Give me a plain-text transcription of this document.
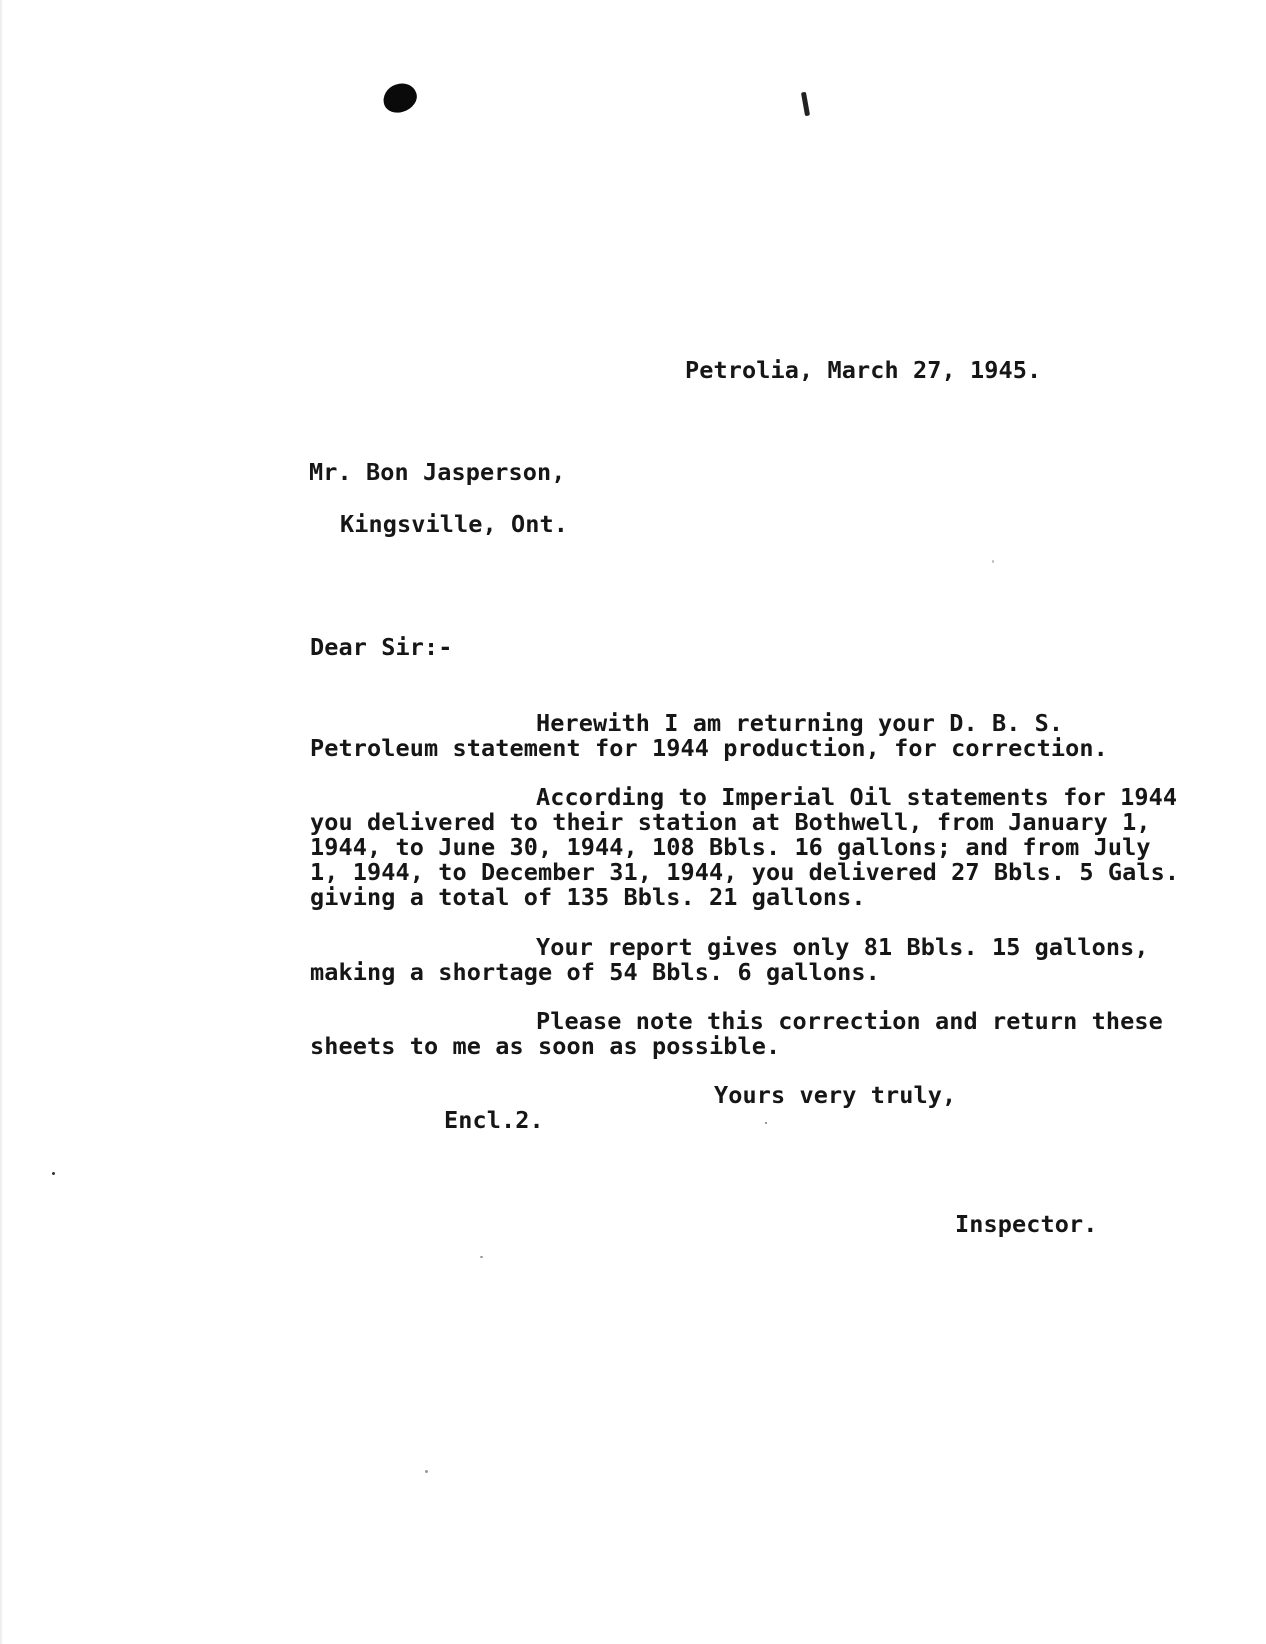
Petrolia, March 27, 1945.
Mr. Bon Jasperson,
Kingsville, Ont.
Dear Sir:-
Herewith I am returning your D. B. S.
Petroleum statement for 1944 production, for correction.
According to Imperial Oil statements for 1944
you delivered to their station at Bothwell, from January 1,
1944, to June 30, 1944, 108 Bbls. 16 gallons; and from July
1, 1944, to December 31, 1944, you delivered 27 Bbls. 5 Gals.
giving a total of 135 Bbls. 21 gallons.
Your report gives only 81 Bbls. 15 gallons,
making a shortage of 54 Bbls. 6 gallons.
Please note this correction and return these
sheets to me as soon as possible.
Yours very truly,
Encl.2.
Inspector.
